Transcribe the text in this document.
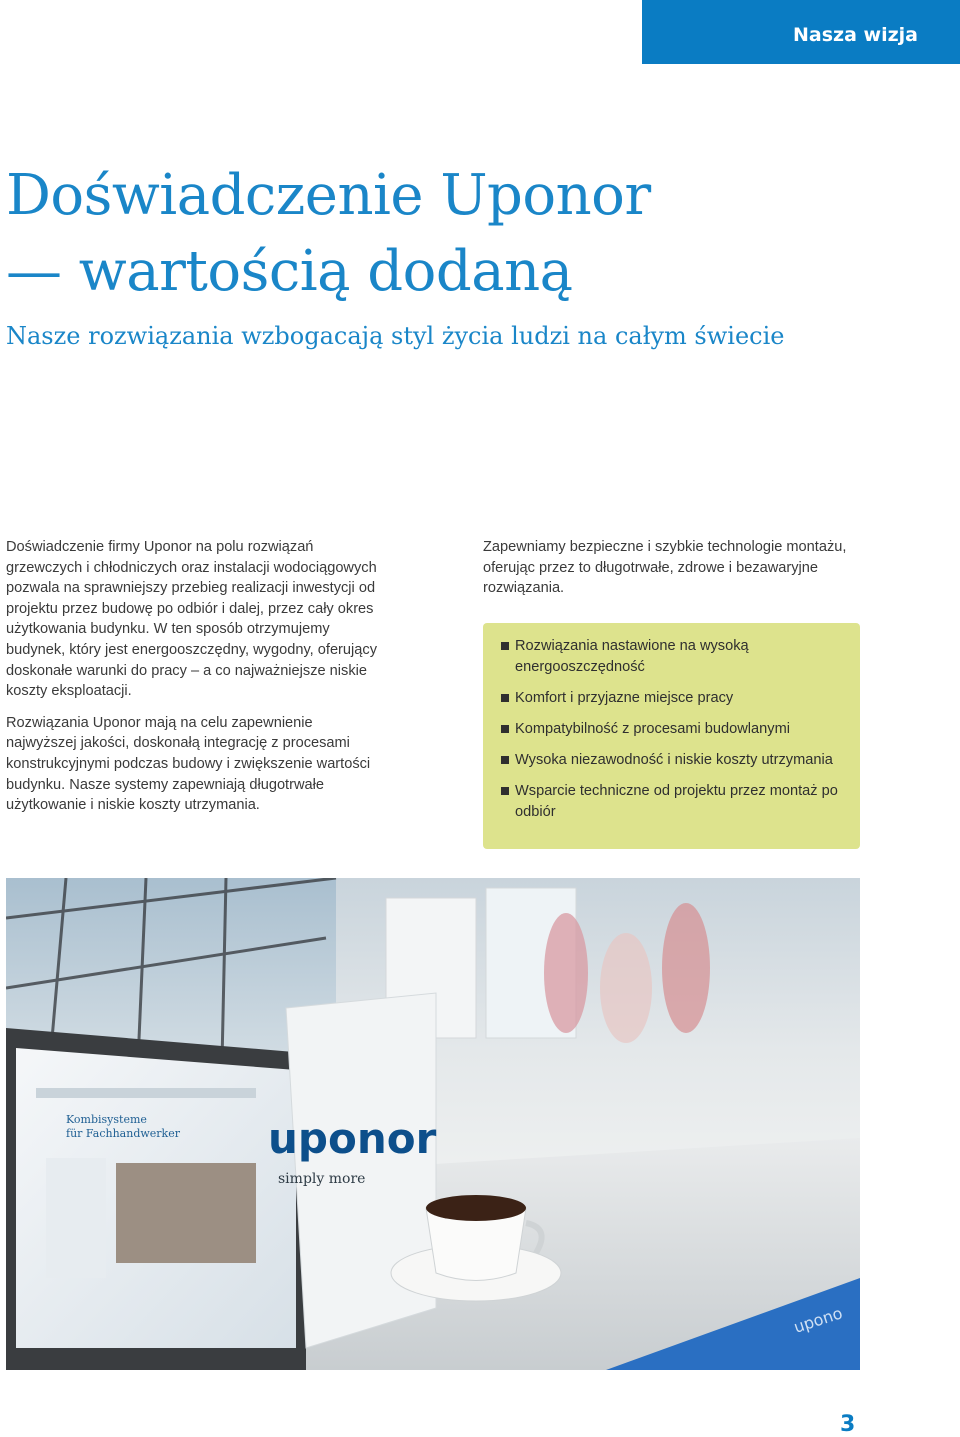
Nasza wizja
Doświadczenie Uponor
— wartością dodaną
Nasze rozwiązania wzbogacają styl życia ludzi na całym świecie

Doświadczenie firmy Uponor na polu rozwiązań grzewczych i chłodniczych oraz instalacji wodociągowych pozwala na sprawniejszy przebieg realizacji inwestycji od projektu przez budowę po odbiór i dalej, przez cały okres użytkowania budynku. W ten sposób otrzymujemy budynek, który jest energooszczędny, wygodny, oferujący doskonałe warunki do pracy – a co najważniejsze niskie koszty eksploatacji.

Rozwiązania Uponor mają na celu zapewnienie najwyższej jakości, doskonałą integrację z procesami konstrukcyjnymi podczas budowy i zwiększenie wartości budynku. Nasze systemy zapewniają długotrwałe użytkowanie i niskie koszty utrzymania.

Zapewniamy bezpieczne i szybkie technologie montażu, oferując przez to długotrwałe, zdrowe i bezawaryjne rozwiązania.

Rozwiązania nastawione na wysoką energooszczędność
Komfort i przyjazne miejsce pracy
Kompatybilność z procesami budowlanymi
Wysoka niezawodność i niskie koszty utrzymania
Wsparcie techniczne od projektu przez montaż po odbiór
Kombisysteme
für Fachhandwerker uponor
simply more
upono
3
